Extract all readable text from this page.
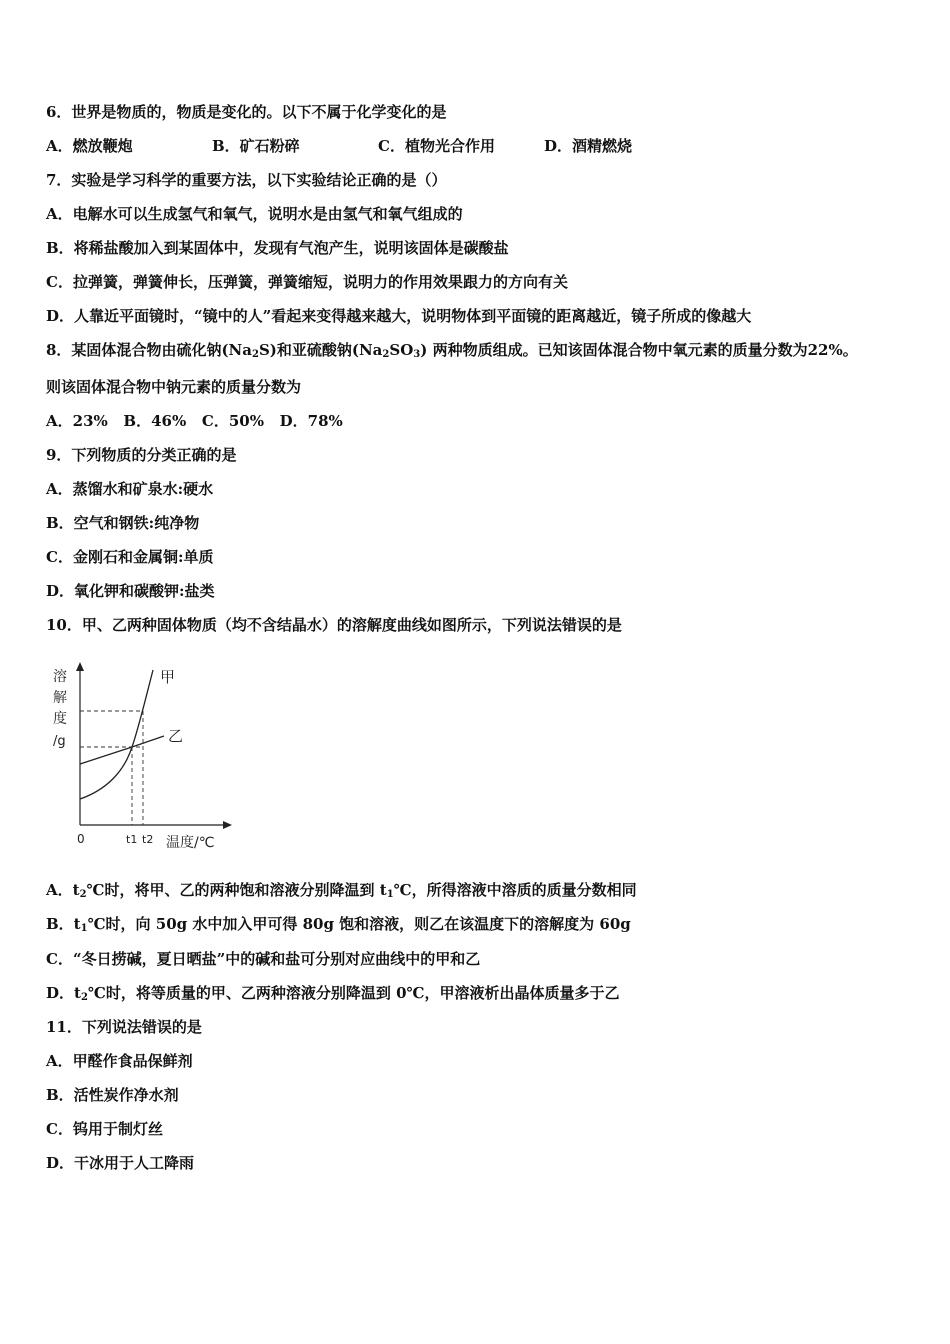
6．世界是物质的，物质是变化的。以下不属于化学变化的是
A．燃放鞭炮	B．矿石粉碎	C．植物光合作用	D．酒精燃烧
7．实验是学习科学的重要方法，以下实验结论正确的是（）
A．电解水可以生成氢气和氧气，说明水是由氢气和氧气组成的
B．将稀盐酸加入到某固体中，发现有气泡产生，说明该固体是碳酸盐
C．拉弹簧，弹簧伸长，压弹簧，弹簧缩短，说明力的作用效果跟力的方向有关
D．人靠近平面镜时，“镜中的人”看起来变得越来越大，说明物体到平面镜的距离越近，镜子所成的像越大
8．某固体混合物由硫化钠$(Na_2S)$和亚硫酸钠$(Na_2SO_3)$ 两种物质组成。已知该固体混合物中氧元素的质量分数为22%。
则该固体混合物中钠元素的质量分数为
A．23%   B．46%   C．50%   D．78%
9．下列物质的分类正确的是
A．蒸馏水和矿泉水:硬水
B．空气和钢铁:纯净物
C．金刚石和金属铜:单质
D．氧化钾和碳酸钾:盐类
10．甲、乙两种固体物质（均不含结晶水）的溶解度曲线如图所示，下列说法错误的是
溶
解
度
/g
甲
乙
0	t1 t2 温度/℃
A．$t_2℃$时，将甲、乙的两种饱和溶液分别降温到 $t_1℃$，所得溶液中溶质的质量分数相同
B．$t_1℃$时，向 50g 水中加入甲可得 80g 饱和溶液，则乙在该温度下的溶解度为 60g
C．“冬日捞碱，夏日晒盐”中的碱和盐可分别对应曲线中的甲和乙
D．$t_2℃$时，将等质量的甲、乙两种溶液分别降温到 0℃，甲溶液析出晶体质量多于乙
11．下列说法错误的是
A．甲醛作食品保鲜剂
B．活性炭作净水剂
C．钨用于制灯丝
D．干冰用于人工降雨
